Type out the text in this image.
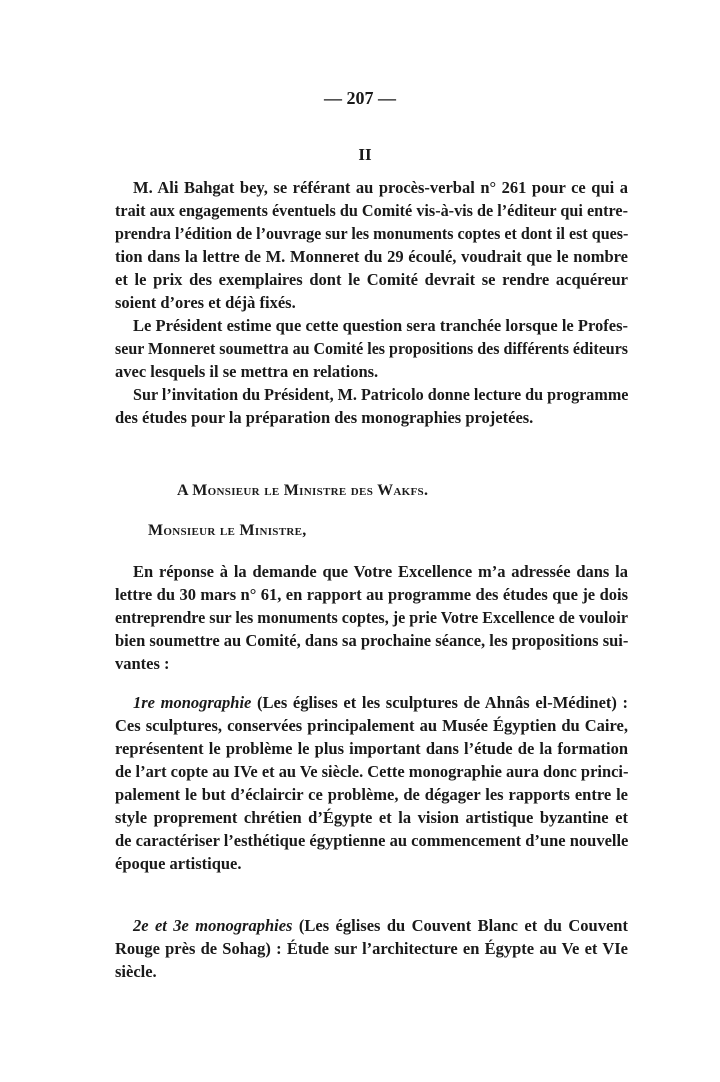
— 207 —
II
A Monsieur le Ministre des Wakfs.
Monsieur le Ministre,
M. Ali Bahgat bey, se référant au procès-verbal n° 261 pour ce qui a
trait aux engagements éventuels du Comité vis-à-vis de l’éditeur qui entre-
prendra l’édition de l’ouvrage sur les monuments coptes et dont il est ques-
tion dans la lettre de M. Monneret du 29 écoulé, voudrait que le nombre
et le prix des exemplaires dont le Comité devrait se rendre acquéreur
soient d’ores et déjà fixés.
Le Président estime que cette question sera tranchée lorsque le Profes-
seur Monneret soumettra au Comité les propositions des différents éditeurs
avec lesquels il se mettra en relations.
Sur l’invitation du Président, M. Patricolo donne lecture du programme
des études pour la préparation des monographies projetées.
En réponse à la demande que Votre Excellence m’a adressée dans la
lettre du 30 mars n° 61, en rapport au programme des études que je dois
entreprendre sur les monuments coptes, je prie Votre Excellence de vouloir
bien soumettre au Comité, dans sa prochaine séance, les propositions sui-
vantes :
1re monographie (Les églises et les sculptures de Ahnâs el-Médinet) :
Ces sculptures, conservées principalement au Musée Égyptien du Caire,
représentent le problème le plus important dans l’étude de la formation
de l’art copte au IVe et au Ve siècle. Cette monographie aura donc princi-
palement le but d’éclaircir ce problème, de dégager les rapports entre le
style proprement chrétien d’Égypte et la vision artistique byzantine et
de caractériser l’esthétique égyptienne au commencement d’une nouvelle
époque artistique.
2e et 3e monographies (Les églises du Couvent Blanc et du Couvent
Rouge près de Sohag) : Étude sur l’architecture en Égypte au Ve et VIe
siècle.
